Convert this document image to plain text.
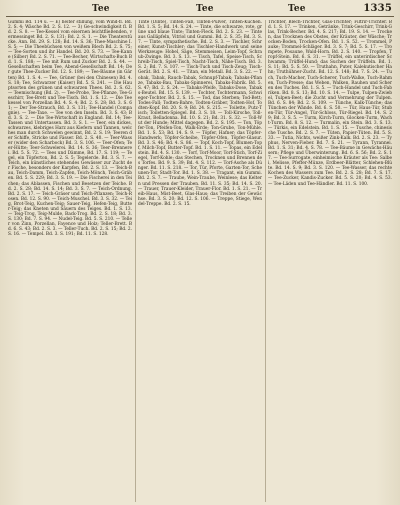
Tee	Tee	Tee	1335

Gummi Bd. 114 u. — E) heiter stillung, vom Wind-fl. Bd. 2. S. 4; Wäsche Bd. 2. S. 12. — 3) Ge-schwindigkeit fl. Bd. 2. S. 8. — Tee-Kessel vom eisernen leichtfließenden, vermessinget Bd. 2. S. 131; Bd. 2. S. 1. — Die Theaterstücke. Ann. Bd. 29. S. 128; Bd. 14. S. 36; Thee-Maschine I. S. 5; — Die Theebüchsen von weißem Blech Bd. 2. S. 75; — Tee-Sorten und ihr Handel. Bd. 20. S. 73. — Tee-Kanne (Silber) Bd. 2. S. 71. — Tee-Becher, Wirtschafts-Buch Bd. 1. S. 188; — Tee mit Rum und Zucker Bd. 2. S. 44. — Gesellschaften beim Tee, Abend-Gesellschaft Bd. 14; Der gute Thee-Zucker Bd. 12. S. 189; — Tee-Bäume (in Gärten) Bd. 1. S. 4. — Tee, Grüner (bei den Chinesen) Bd. 4. S. 18; Tee, Schwarzer (Kaiser) Bd. 5. S. 241. — Die Hauptsorten des grünen und schwarzen Thees. Bd. 2. S. 62. — Teemischung (Bd. 2). — Tee-Probe, Tee-Pflanze, Tee-Geschirr, Tee-Brett und Tee-Tisch. Bd. 1. S. 12. — Die Teekessel von Porzellan Bd. 4. S. 4; Bd. 2. S. 28; Bd. 3. S. 61; — Der Tee-Strauch, Bd. 3. S. 131; Tee-Handel (Compagnie). — Tee-Taxe. — Tee von den Inseln. Bd. 3. S. 43; Bd. 3. S. 2. — Die Tee-Wirtschaft in England. Bd. 14; Tee-Tassen und Untertassen. Bd. 3. S. 1. — Teer, ein dickes, schwarzes, klebriges Harz aus Kiefern und Tannen, welches man durch Schwelen gewinnt, Bd. 2. S. 19; Teeren der Schiffe, Stricke und Fässer. Bd. 2. S. 40. — Teer-Wasser (wider den Scharbock) Bd. 3. S. 106. — Teer-Ofen; Teer-Hütte; Teer-Schwelerei. Bd. 14. S. 36; Teer-Brennerei. Bd. 5. S. 72. — Tees und Dämme, Bd. 17. S. 119; — Tegel, ein Töpferton, Bd. 2. S. 5; Tegelerde. Bd. 3. S. 7. — Teich, ein künstliches stehendes Gewässer zur Zucht der Fische, besonders der Karpfen, Bd. 2. S. 13. — Teich-Bau, Teich-Damm, Teich-Zapfen, Teich-Mönch, Teich-Gräben. Bd. 5. S. 229; Bd. 3. S. 19. — Die Fischerei in den Teichen; das Ablassen, Fischen und Besetzen der Teiche. Bd. 2. S. 28; Bd. 14. S. 14; Bd. 3. S. 7. — Teich-Ordnung. Bd. 2. S. 17. — Teich-Gräser und Teich-Pflanzen; Teich-Rosen. Bd. 12. S. 90. — Teich-Muschel. Bd. 3. S. 32. — Teig, Brot-Teig, Kuchen-Teig; Sauer-Teig, Hefen-Teig, Butter-Teig; das Kneten und Säuern des Teiges. Bd. 1. S. 13. — Teig-Trog, Teig-Mulde, Back-Trog. Bd. 2. S. 18; Bd. 3. S. 130; Bd. 7. S. 94. — Nudel-Teig. Bd. 5. S. 210. — Teller von Zinn, Porzellan, Fayence und Holz; Teller-Brett. Bd. 6. S. 43; Bd. 2. S. 3. — Teller-Tuch. Bd. 2. S. 15; Bd. 2. S. 16. — Tempel. Bd. 3. S. 191; Bd. 11. S. 128.

Tinte (Dinte), Tinten-Faß, Tinten-Pulver, Tinten-Kuchen. Bd. 1. S. 5; Bd. 14. S. 24. — Tinte, die schwarze, rote, grüne und blaue Tinte; Tinten-Fleck. Bd. 2. S. 23. — Tinte aus Galläpfeln, Vitriol und Gummi. Bd. 2. S. 35; Bd. 3. S. 7. — Tinte, sympathetische. Bd. 2. S. 3. — Tischler, Schreiner, Kunst-Tischler; das Tischler-Handwerk und seine Werkzeuge: Hobel, Säge, Stemmeisen, Leim-Topf, Schraub-Zwinge. Bd. 3. S. 13. — Tisch, Tafel, Speise-Tisch, Schreib-Tisch, Spiel-Tisch, Nacht-Tisch, Nähe-Tisch. Bd. 3. S. 2; Bd. 7. S. 107. — Tisch-Tuch und Tisch-Zeug; Tisch-Gerät. Bd. 2. S. 41. — Titan, ein Metall. Bd. 3. S. 22. — Tobak, Tabak, Rauch-Tabak, Schnupf-Tabak; Tabaks-Pflanze, Tabaks-Bau, Tabaks-Spinnerei, Tabaks-Fabrik. Bd. 5. S. 47; Bd. 2. S. 24. — Tabaks-Pfeife, Tabaks-Dose, Tabaks-Beutel. Bd. 15. S. 139. — Tochter, Tochtermann, Schwieger-Tochter. Bd. 2. S. 15. — Tod, das Sterben; Tod-Bett; Todes-Fall; Todten-Bahre, Todten-Gräber, Todten-Hof, Todten-Kopf. Bd. 20. S. 9; Bd. 24. S. 215. — Toilette, Putz-Tisch; Toiletten-Spiegel. Bd. 3. S. 18. — Toll-Kirsche, Toll-Kraut, Belladonna. Bd. 10. S. 21; Bd. 31. S. 32. — Toll-Wut der Hunde; Mittel dagegen. Bd. 2. S. 195. — Ton, Töpfer-Ton, Pfeifen-Ton, Walk-Erde; Ton-Grube, Ton-Mühle. Bd. 1. S. 53; Bd. 14. S. 9. — Töpfer, Hafner; das Töpfer-Handwerk; Töpfer-Scheibe, Töpfer-Ofen, Töpfer-Glasur. Bd. 3. S. 46; Bd. 4. S. 86. — Topf, Koch-Topf, Blumen-Topf, Milch-Topf, Butter-Topf. Bd. 1. S. 11. — Topas, ein Edelstein. Bd. 4. S. 130. — Torf, Torf-Moor, Torf-Stich, Torf-Ziegel, Torf-Kohle; das Stechen, Trocknen und Brennen des Torfes. Bd. 9. S. 39; Bd. 4. S. 112. — Torf-Asche als Dünger. Bd. 11. S. 218. — Tor, Tür, Pforte, Garten-Tor, Scheunen-Tor, Stadt-Tor. Bd. 1. S. 38. — Tragant, ein Gummi. Bd. 2. S. 7. — Traube, Wein-Traube, Weinlese; das Keltern und Pressen der Trauben. Bd. 11. S. 35; Bd. 14. S. 20. — Trauer, Trauer-Kleider, Trauer-Flor. Bd. 1. S. 21. — Treib-Haus, Mist-Beet, Glas-Haus; das Treiben der Gewächse. Bd. 3. S. 20; Bd. 12. S. 106. — Treppe, Stiege, Wendel-Treppe. Bd. 2. S. 15.

Trichter, Blech-Trichter, Glas-Trichter; Filtrir-Trichter. Bd. 1. S. 17. — Trinken, Getränke, Trink-Geschirr, Trink-Glas, Trink-Becher. Bd. 4. S. 217; Bd. 19. S. 14. — Trocken, das Trocknen des Obstes, der Kräuter, der Wäsche; Trocken-Boden, Trocken-Ofen. Bd. 1. S. 52. — Trommel, Pauke; Trommel-Schläger. Bd. 3. S. 7; Bd. 5. S. 17. — Trompete, Posaune, Wald-Horn. Bd. 2. S. 140. — Tropfen, Tropf-Stein. Bd. 6. S. 31. — Trüffel, ein unterirdischer Schwamm; Trüffel-Hund; das Suchen der Trüffeln. Bd. 1. S. 11; Bd. 5. S. 50. — Truthahn, Puter, Kalekutischer Hahn; Truthühner-Zucht. Bd. 12. S. 148; Bd. 7. S. 24. — Tuch, Tuch-Macher, Tuch-Scherer, Tuch-Walke, Tuch-Rahmen, Tuch-Presse; das Weben, Walken, Rauhen und Scheren des Tuches. Bd. 1. S. 5. — Tuch-Handel und Tuch-Fabriken. Bd. 8. S. 13; Bd. 10. S. 14. — Tulpe, Tulpen-Zwiebel, Tulpen-Beet; die Zucht und Vermehrung der Tulpen. Bd. 6. S. 84; Bd. 2. S. 109. — Tünche, Kalk-Tünche; das Tünchen der Wände. Bd. 6. S. 50. — Tür, Haus-Tür, Stuben-Tür, Tür-Angel, Tür-Schloss, Tür-Riegel. Bd. 14. S. 29; Bd. 3. S. 5. — Turm, Kirch-Turm, Glocken-Turm, Wacht-Turm. Bd. 8. S. 12. — Turmalin, ein Stein. Bd. 3. S. 13. — Türkis, ein Edelstein. Bd. 1. S. 15. — Tusche, chinesische Tusche. Bd. 2. S. 7. — Tüten, Papier-Tüten. Bd. 5. S. 33. — Tutia, Nichts, weißer Zink-Kalk. Bd. 2. S. 23. — Typhus, Nerven-Fieber. Bd. 7. S. 21. — Tyrann, Tyrannei. Bd. 1. S. 31; Bd. 4. S. 78. — Tee-Bäume in Gewächs-Häusern; Pflege und Überwinterung. Bd. 6. S. 56; Bd. 2. S. 17. — Tee-Surrogate, einheimische Kräuter als Tee: Salbei, Melisse, Pfeffer-Münze, Erdbeer-Blätter, Schlehen-Blüte. Bd. 14. S. 9; Bd. 3. S. 120. — Tee-Wasser, das rechte Kochen des Wassers zum Tee. Bd. 2. S. 28; Bd. 7. S. 17. — Tee-Zucker, Kandis-Zucker. Bd. 5. S. 20; Bd. 4. S. 53. — Tee-Läden und Tee-Händler. Bd. 11. S. 100.
